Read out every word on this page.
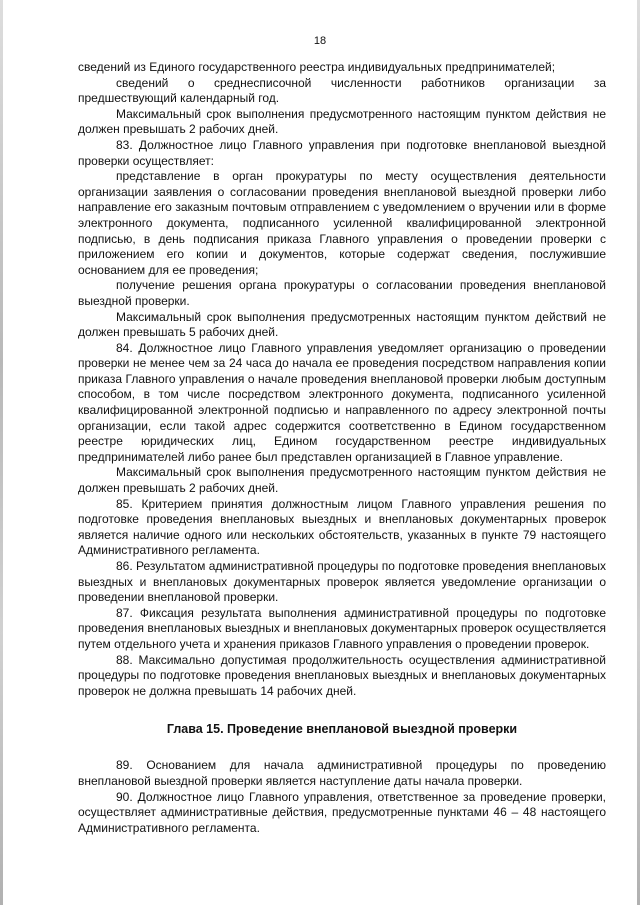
18

сведений из Единого государственного реестра индивидуальных предпринимателей;

сведений о среднесписочной численности работников организации за предшествующий календарный год.

Максимальный срок выполнения предусмотренного настоящим пунктом действия не должен превышать 2 рабочих дней.

83. Должностное лицо Главного управления при подготовке внеплановой выездной проверки осуществляет:

представление в орган прокуратуры по месту осуществления деятельности организации заявления о согласовании проведения внеплановой выездной проверки либо направление его заказным почтовым отправлением с уведомлением о вручении или в форме электронного документа, подписанного усиленной квалифицированной электронной подписью, в день подписания приказа Главного управления о проведении проверки с приложением его копии и документов, которые содержат сведения, послужившие основанием для ее проведения;

получение решения органа прокуратуры о согласовании проведения внеплановой выездной проверки.

Максимальный срок выполнения предусмотренных настоящим пунктом действий не должен превышать 5 рабочих дней.

84. Должностное лицо Главного управления уведомляет организацию о проведении проверки не менее чем за 24 часа до начала ее проведения посредством направления копии приказа Главного управления о начале проведения внеплановой проверки любым доступным способом, в том числе посредством электронного документа, подписанного усиленной квалифицированной электронной подписью и направленного по адресу электронной почты организации, если такой адрес содержится соответственно в Едином государственном реестре юридических лиц, Едином государственном реестре индивидуальных предпринимателей либо ранее был представлен организацией в Главное управление.

Максимальный срок выполнения предусмотренного настоящим пунктом действия не должен превышать 2 рабочих дней.

85. Критерием принятия должностным лицом Главного управления решения по подготовке проведения внеплановых выездных и внеплановых документарных проверок является наличие одного или нескольких обстоятельств, указанных в пункте 79 настоящего Административного регламента.

86. Результатом административной процедуры по подготовке проведения внеплановых выездных и внеплановых документарных проверок является уведомление организации о проведении внеплановой проверки.

87. Фиксация результата выполнения административной процедуры по подготовке проведения внеплановых выездных и внеплановых документарных проверок осуществляется путем отдельного учета и хранения приказов Главного управления о проведении проверок.

88. Максимально допустимая продолжительность осуществления административной процедуры по подготовке проведения внеплановых выездных и внеплановых документарных проверок не должна превышать 14 рабочих дней.

Глава 15. Проведение внеплановой выездной проверки

89. Основанием для начала административной процедуры по проведению внеплановой выездной проверки является наступление даты начала проверки.

90. Должностное лицо Главного управления, ответственное за проведение проверки, осуществляет административные действия, предусмотренные пунктами 46 – 48 настоящего Административного регламента.
